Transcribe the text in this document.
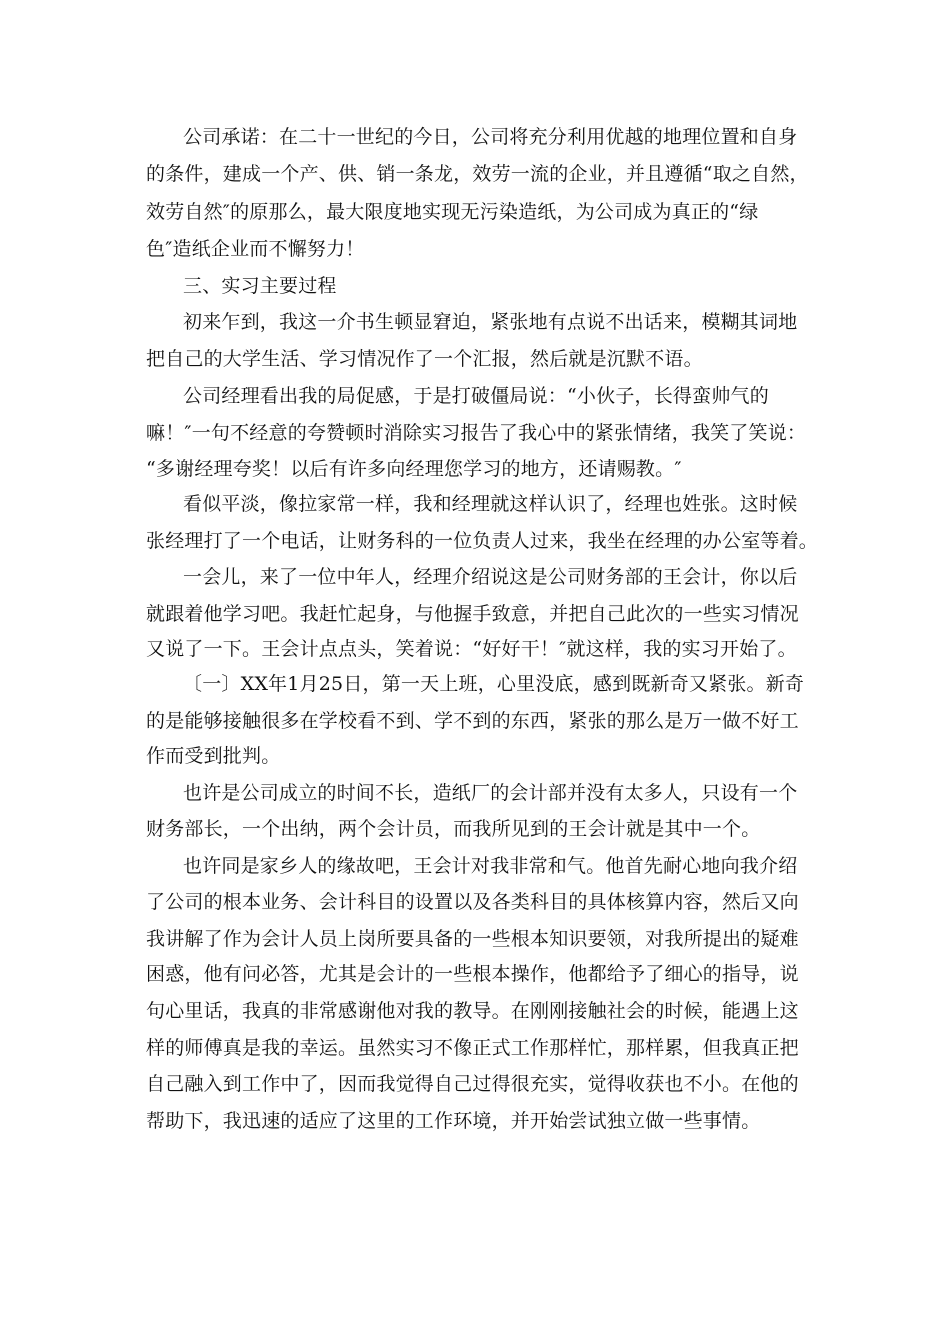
公司承诺：在二十一世纪的今日，公司将充分利用优越的地理位置和自身
的条件，建成一个产、供、销一条龙，效劳一流的企业，并且遵循“取之自然，
效劳自然″的原那么，最大限度地实现无污染造纸，为公司成为真正的“绿
色″造纸企业而不懈努力！
三、实习主要过程
初来乍到，我这一介书生顿显窘迫，紧张地有点说不出话来，模糊其词地
把自己的大学生活、学习情况作了一个汇报，然后就是沉默不语。
公司经理看出我的局促感，于是打破僵局说：“小伙子，长得蛮帅气的
嘛！″一句不经意的夸赞顿时消除实习报告了我心中的紧张情绪，我笑了笑说：
“多谢经理夸奖！以后有许多向经理您学习的地方，还请赐教。″
看似平淡，像拉家常一样，我和经理就这样认识了，经理也姓张。这时候
张经理打了一个电话，让财务科的一位负责人过来，我坐在经理的办公室等着。
一会儿，来了一位中年人，经理介绍说这是公司财务部的王会计，你以后
就跟着他学习吧。我赶忙起身，与他握手致意，并把自己此次的一些实习情况
又说了一下。王会计点点头，笑着说：“好好干！″就这样，我的实习开始了。
〔一〕XX年1月25日，第一天上班，心里没底，感到既新奇又紧张。新奇
的是能够接触很多在学校看不到、学不到的东西，紧张的那么是万一做不好工
作而受到批判。
也许是公司成立的时间不长，造纸厂的会计部并没有太多人，只设有一个
财务部长，一个出纳，两个会计员，而我所见到的王会计就是其中一个。
也许同是家乡人的缘故吧，王会计对我非常和气。他首先耐心地向我介绍
了公司的根本业务、会计科目的设置以及各类科目的具体核算内容，然后又向
我讲解了作为会计人员上岗所要具备的一些根本知识要领，对我所提出的疑难
困惑，他有问必答，尤其是会计的一些根本操作，他都给予了细心的指导，说
句心里话，我真的非常感谢他对我的教导。在刚刚接触社会的时候，能遇上这
样的师傅真是我的幸运。虽然实习不像正式工作那样忙，那样累，但我真正把
自己融入到工作中了，因而我觉得自己过得很充实，觉得收获也不小。在他的
帮助下，我迅速的适应了这里的工作环境，并开始尝试独立做一些事情。
